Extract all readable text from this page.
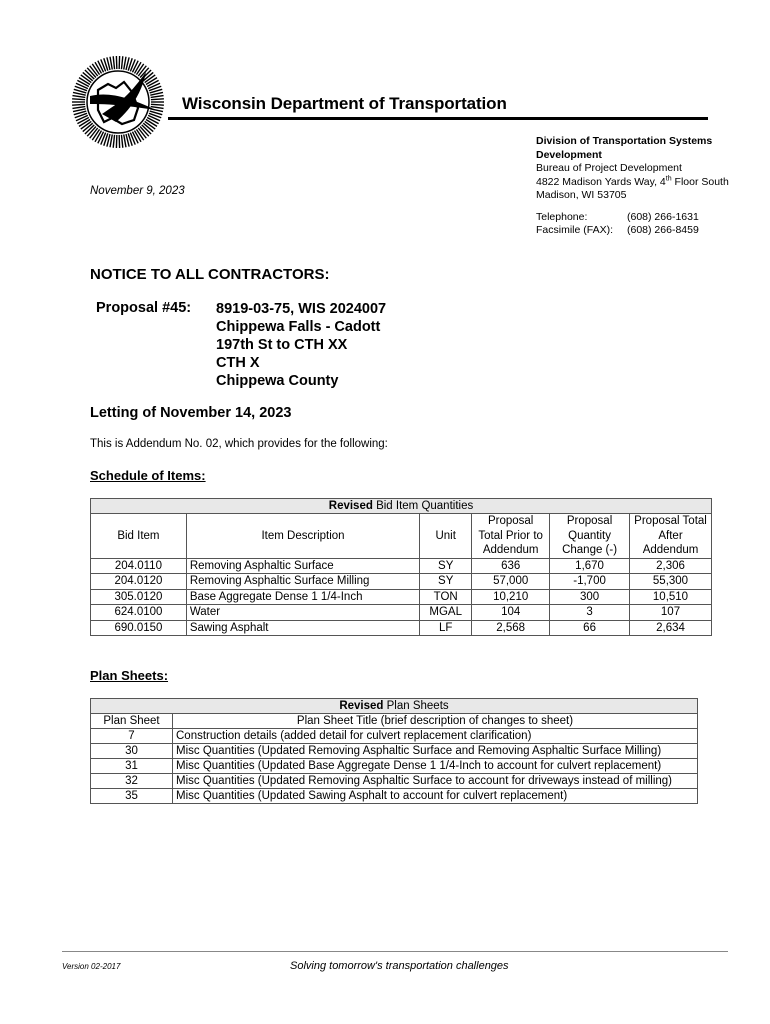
Wisconsin Department of Transportation
Division of Transportation Systems
Development
Bureau of Project Development
4822 Madison Yards Way, 4th Floor South
Madison, WI 53705
Telephone:	(608) 266-1631
Facsimile (FAX):	(608) 266-8459
November 9, 2023
NOTICE TO ALL CONTRACTORS:
Proposal #45: 8919-03-75, WIS 2024007
Chippewa Falls - Cadott
197th St to CTH XX
CTH X
Chippewa County
Letting of November 14, 2023
This is Addendum No. 02, which provides for the following:
Schedule of Items:
Revised Bid Item Quantities					
Bid Item	Item Description	Unit	Proposal Total Prior to Addendum	Proposal Quantity Change (-)	Proposal Total After Addendum
204.0110	Removing Asphaltic Surface	SY	636	1,670	2,306
204.0120	Removing Asphaltic Surface Milling	SY	57,000	-1,700	55,300
305.0120	Base Aggregate Dense 1 1/4-Inch	TON	10,210	300	10,510
624.0100	Water	MGAL	104	3	107
690.0150	Sawing Asphalt	LF	2,568	66	2,634
Plan Sheets:
Revised Plan Sheets	
Plan Sheet	Plan Sheet Title (brief description of changes to sheet)
7	Construction details (added detail for culvert replacement clarification)
30	Misc Quantities (Updated Removing Asphaltic Surface and Removing Asphaltic Surface Milling)
31	Misc Quantities (Updated Base Aggregate Dense 1 1/4-Inch to account for culvert replacement)
32	Misc Quantities (Updated Removing Asphaltic Surface to account for driveways instead of milling)
35	Misc Quantities (Updated Sawing Asphalt to account for culvert replacement)
Version 02-2017	Solving tomorrow's transportation challenges
